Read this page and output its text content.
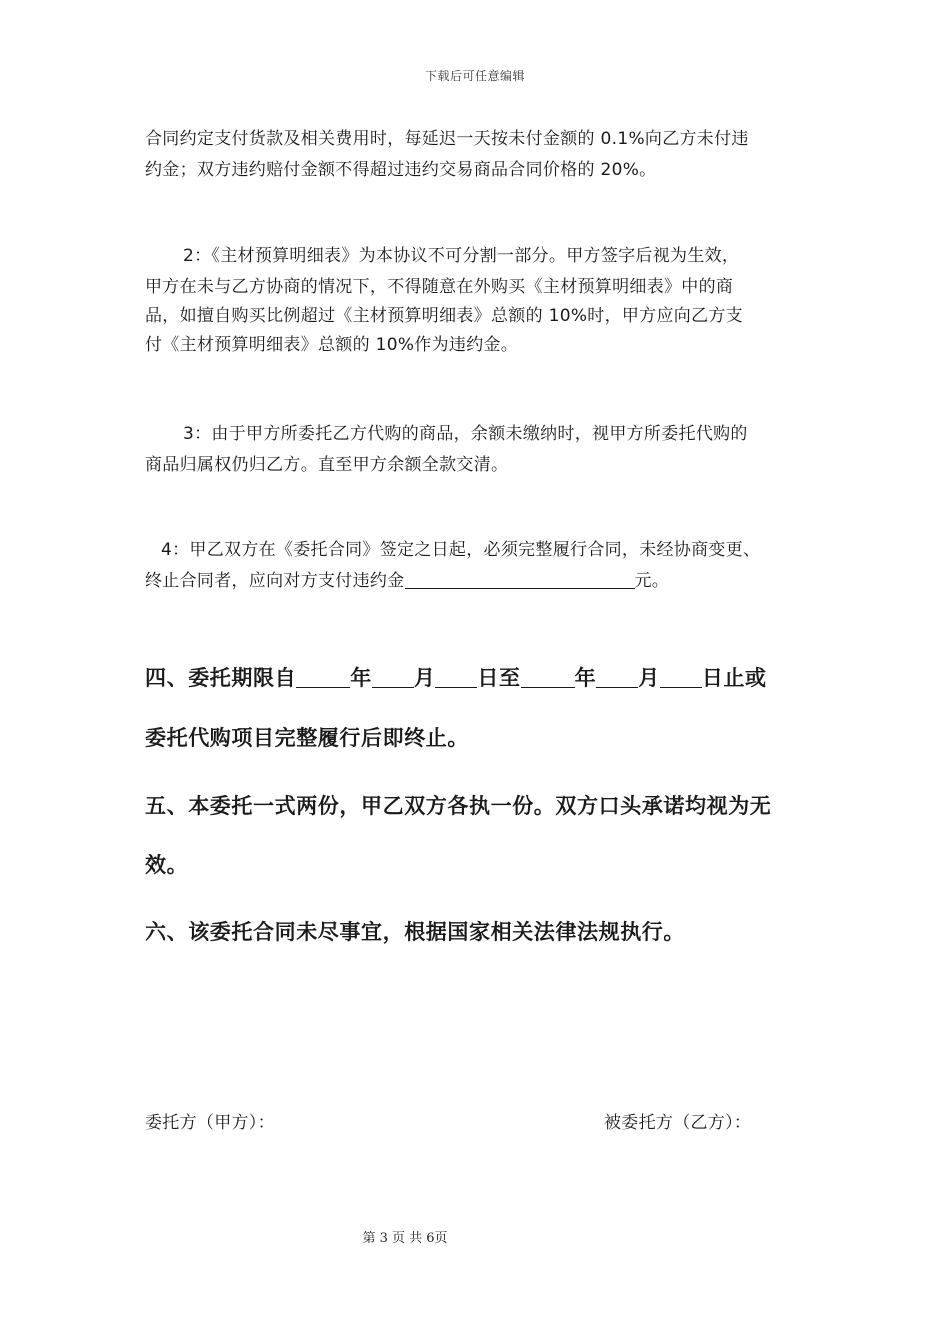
下载后可任意编辑
合同约定支付货款及相关费用时，每延迟一天按未付金额的 0.1%向乙方未付违
约金；双方违约赔付金额不得超过违约交易商品合同价格的 20%。
2：《主材预算明细表》为本协议不可分割一部分。甲方签字后视为生效，
甲方在未与乙方协商的情况下，不得随意在外购买《主材预算明细表》中的商
品，如擅自购买比例超过《主材预算明细表》总额的 10%时，甲方应向乙方支
付《主材预算明细表》总额的 10%作为违约金。
3：由于甲方所委托乙方代购的商品，余额未缴纳时，视甲方所委托代购的
商品归属权仍归乙方。直至甲方余额全款交清。
4：甲乙双方在《委托合同》签定之日起，必须完整履行合同，未经协商变更、
终止合同者，应向对方支付违约金	元。
四、委托期限自	年 月 日至	年 月 日止或
委托代购项目完整履行后即终止。
五、本委托一式两份，甲乙双方各执一份。双方口头承诺均视为无
效。
六、该委托合同未尽事宜，根据国家相关法律法规执行。
委托方（甲方）：	被委托方（乙方）：
第 3 页 共 6页
